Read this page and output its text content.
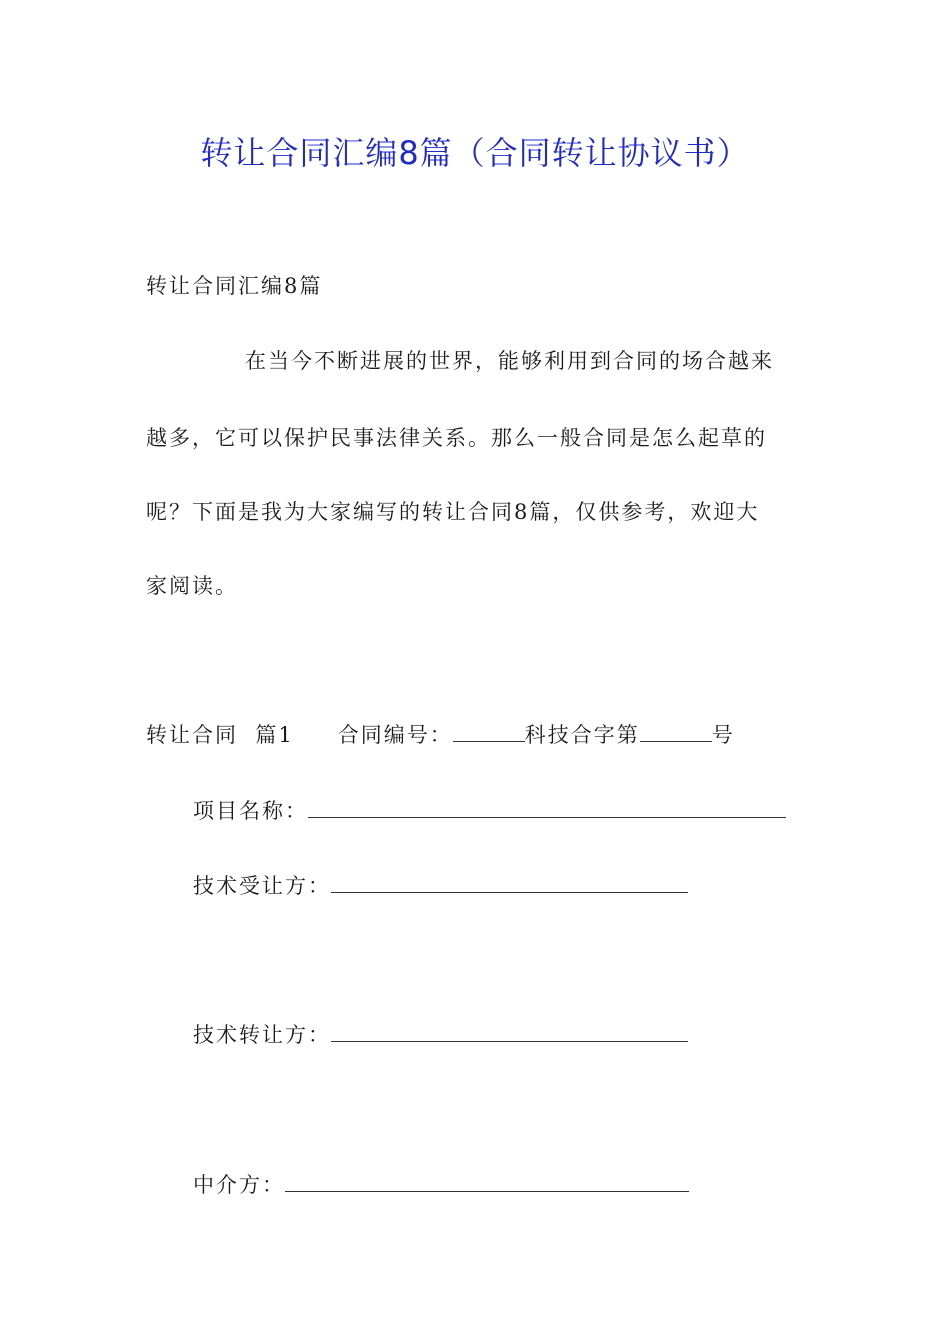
转让合同汇编8篇（合同转让协议书）
转让合同汇编8篇
在当今不断进展的世界，能够利用到合同的场合越来
越多，它可以保护民事法律关系。那么一般合同是怎么起草的
呢？下面是我为大家编写的转让合同8篇，仅供参考，欢迎大
家阅读。
转让合同  篇1 合同编号：	科技合字第	号
项目名称：
技术受让方：
技术转让方：
中介方：
